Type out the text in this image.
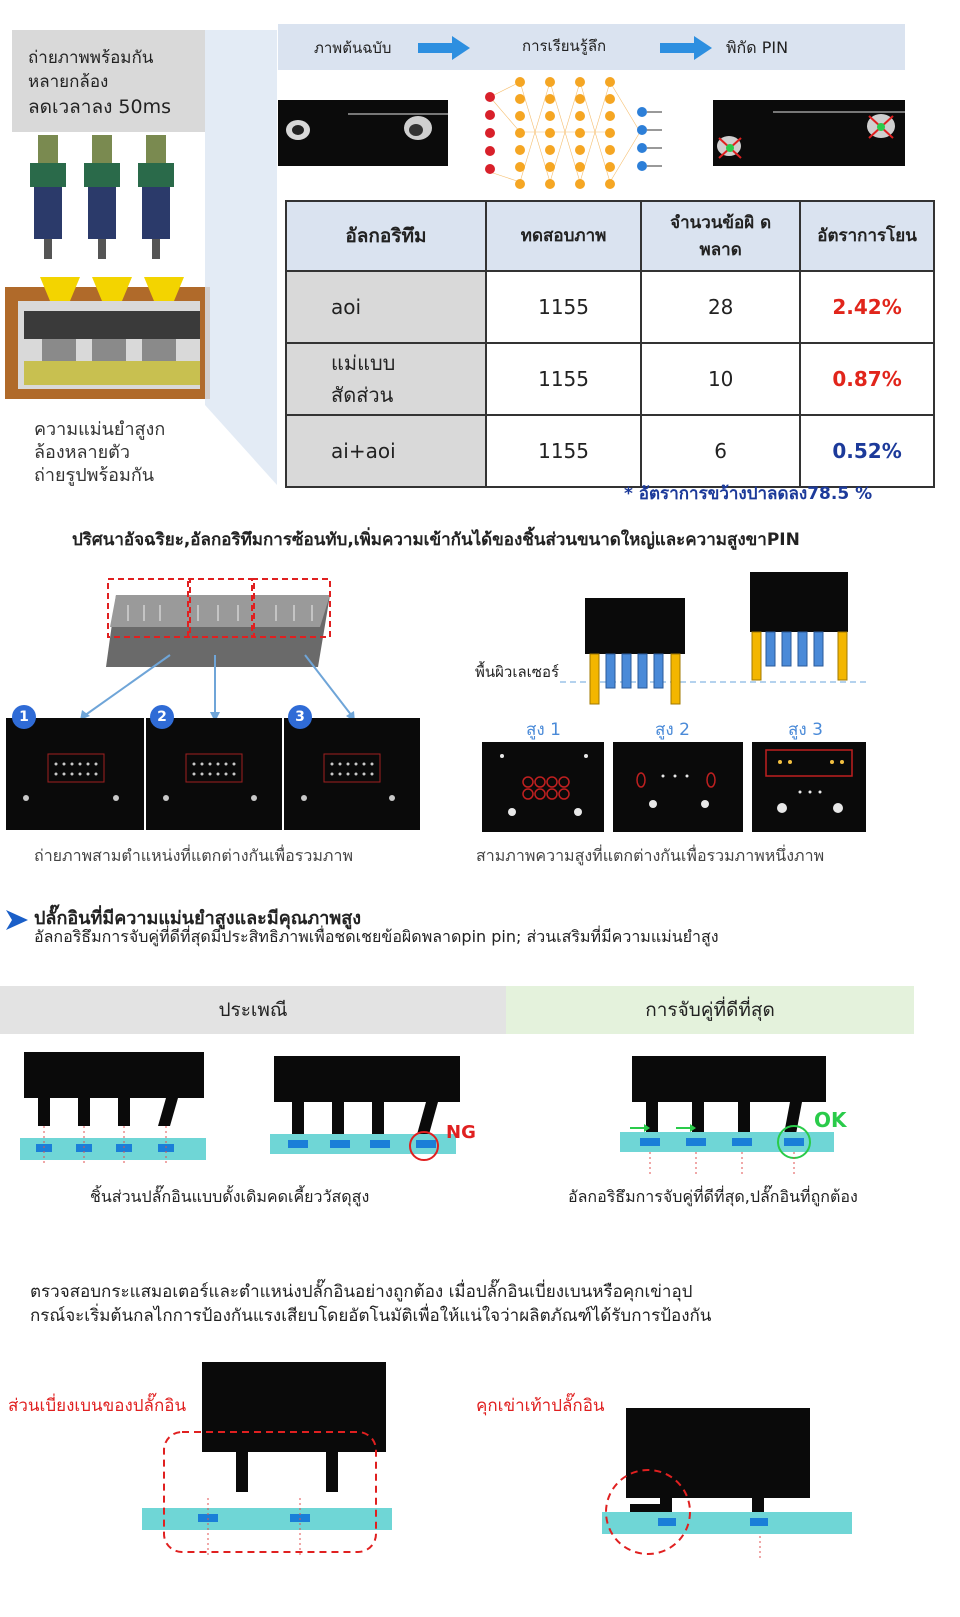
ถ่ายภาพพร้อมกัน
หลายกล้อง
ลดเวลาลง 50ms
ความแม่นยำสูงก
ล้องหลายตัว
ถ่ายรูปพร้อมกัน
ภาพต้นฉบับ	การเรียนรู้ลึก	พิกัด PIN
อัลกอริทึม	ทดสอบภาพ	จำนวนข้อผิ ดพลาด	อัตราการโยน
aoi	1155	28	2.42%
แม่แบบ สัดส่วน	1155	10	0.87%
ai+aoi	1155	6	0.52%
* อัตราการขว้างปาลดลง78.5 %
ปริศนาอัจฉริยะ,อัลกอริทึมการซ้อนทับ,เพิ่มความเข้ากันได้ของชิ้นส่วนขนาดใหญ่และความสูงขาPIN
1	2	3
ถ่ายภาพสามตำแหน่งที่แตกต่างกันเพื่อรวมภาพ
พื้นผิวเลเซอร์
สูง 1	สูง 2	สูง 3
สามภาพความสูงที่แตกต่างกันเพื่อรวมภาพหนึ่งภาพ
ปลั๊กอินที่มีความแม่นยำสูงและมีคุณภาพสูง
อัลกอริธึมการจับคู่ที่ดีที่สุดมีประสิทธิภาพเพื่อชดเชยข้อผิดพลาดpin pin; ส่วนเสริมที่มีความแม่นยำสูง
ประเพณี	การจับคู่ที่ดีที่สุด
NG
OK
ชิ้นส่วนปลั๊กอินแบบดั้งเดิมคดเคี้ยววัสดุสูง	อัลกอริธึมการจับคู่ที่ดีที่สุด,ปลั๊กอินที่ถูกต้อง
ตรวจสอบกระแสมอเตอร์และตำแหน่งปลั๊กอินอย่างถูกต้อง เมื่อปลั๊กอินเบี่ยงเบนหรือคุกเข่าอุป
กรณ์จะเริ่มต้นกลไกการป้องกันแรงเสียบโดยอัตโนมัติเพื่อให้แน่ใจว่าผลิตภัณฑ์ได้รับการป้องกัน
ส่วนเบี่ยงเบนของปลั๊กอิน	คุกเข่าเท้าปลั๊กอิน
